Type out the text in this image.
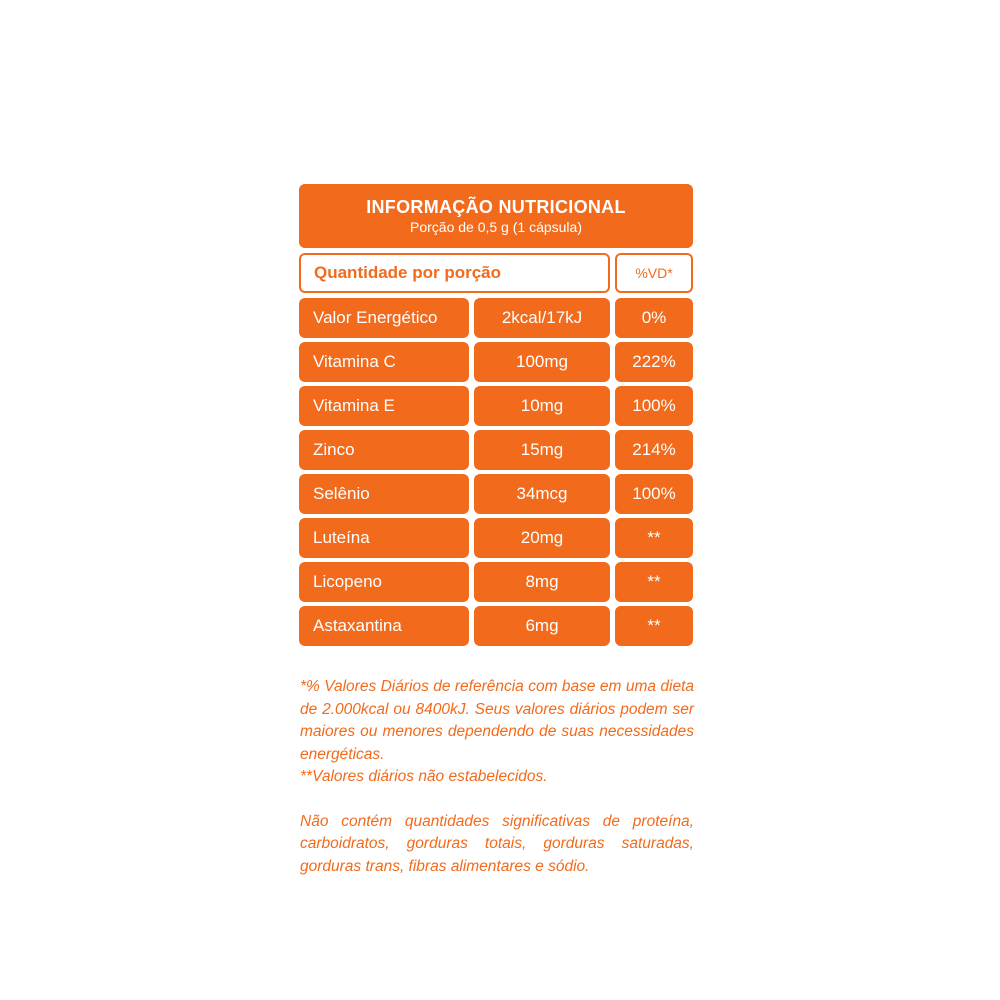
INFORMAÇÃO NUTRICIONAL
Porção de 0,5 g (1 cápsula)
Quantidade por porção	%VD*
Valor Energético	2kcal/17kJ	0%
Vitamina C	100mg	222%
Vitamina E	10mg	100%
Zinco	15mg	214%
Selênio	34mcg	100%
Luteína	20mg	**
Licopeno	8mg	**
Astaxantina	6mg	**

*% Valores Diários de referência com base em uma dieta de 2.000kcal ou 8400kJ. Seus valores diários podem ser maiores ou menores dependendo de suas necessidades energéticas.

**Valores diários não estabelecidos.

Não contém quantidades significativas de proteína, carboidratos, gorduras totais, gorduras saturadas, gorduras trans, fibras alimentares e sódio.
